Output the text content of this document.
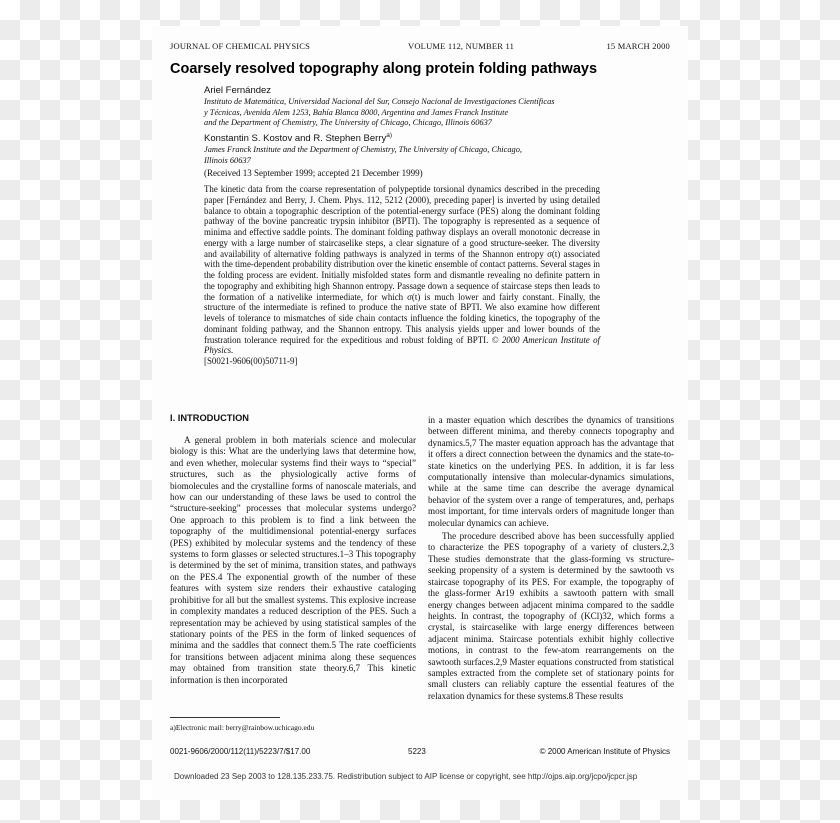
JOURNAL OF CHEMICAL PHYSICS	VOLUME 112, NUMBER 11	15 MARCH 2000
Coarsely resolved topography along protein folding pathways
Ariel Fernández
Instituto de Matemática, Universidad Nacional del Sur, Consejo Nacional de Investigaciones Científicas
y Técnicas, Avenida Alem 1253, Bahía Blanca 8000, Argentina and James Franck Institute
and the Department of Chemistry, The University of Chicago, Chicago, Illinois 60637
Konstantin S. Kostov and R. Stephen Berry$^{a)}$
James Franck Institute and the Department of Chemistry, The University of Chicago, Chicago,
Illinois 60637
(Received 13 September 1999; accepted 21 December 1999)

The kinetic data from the coarse representation of polypeptide torsional dynamics described in the preceding paper [Fernández and Berry, J. Chem. Phys. 112, 5212 (2000), preceding paper] is inverted by using detailed balance to obtain a topographic description of the potential-energy surface (PES) along the dominant folding pathway of the bovine pancreatic trypsin inhibitor (BPTI). The topography is represented as a sequence of minima and effective saddle points. The dominant folding pathway displays an overall monotonic decrease in energy with a large number of staircaselike steps, a clear signature of a good structure-seeker. The diversity and availability of alternative folding pathways is analyzed in terms of the Shannon entropy σ(t) associated with the time-dependent probability distribution over the kinetic ensemble of contact patterns. Several stages in the folding process are evident. Initially misfolded states form and dismantle revealing no definite pattern in the topography and exhibiting high Shannon entropy. Passage down a sequence of staircase steps then leads to the formation of a nativelike intermediate, for which σ(t) is much lower and fairly constant. Finally, the structure of the intermediate is refined to produce the native state of BPTI. We also examine how different levels of tolerance to mismatches of side chain contacts influence the folding kinetics, the topography of the dominant folding pathway, and the Shannon entropy. This analysis yields upper and lower bounds of the frustration tolerance required for the expeditious and robust folding of BPTI. © 2000 American Institute of Physics.

[S0021-9606(00)50711-9]

I. INTRODUCTION

A general problem in both materials science and molecular biology is this: What are the underlying laws that determine how, and even whether, molecular systems find their ways to “special” structures, such as the physiologically active forms of biomolecules and the crystalline forms of nanoscale materials, and how can our understanding of these laws be used to control the “structure-seeking” processes that molecular systems undergo? One approach to this problem is to find a link between the topography of the multidimensional potential-energy surfaces (PES) exhibited by molecular systems and the tendency of these systems to form glasses or selected structures.1–3 This topography is determined by the set of minima, transition states, and pathways on the PES.4 The exponential growth of the number of these features with system size renders their exhaustive cataloging prohibitive for all but the smallest systems. This explosive increase in complexity mandates a reduced description of the PES. Such a representation may be achieved by using statistical samples of the stationary points of the PES in the form of linked sequences of minima and the saddles that connect them.5 The rate coefficients for transitions between adjacent minima along these sequences may obtained from transition state theory.6,7 This kinetic information is then incorporated

in a master equation which describes the dynamics of transitions between different minima, and thereby connects topography and dynamics.5,7 The master equation approach has the advantage that it offers a direct connection between the dynamics and the state-to-state kinetics on the underlying PES. In addition, it is far less computationally intensive than molecular-dynamics simulations, while at the same time can describe the average dynamical behavior of the system over a range of temperatures, and, perhaps most important, for time intervals orders of magnitude longer than molecular dynamics can achieve.

The procedure described above has been successfully applied to characterize the PES topography of a variety of clusters.2,3 These studies demonstrate that the glass-forming vs structure-seeking propensity of a system is determined by the sawtooth vs staircase topography of its PES. For example, the topography of the glass-former Ar19 exhibits a sawtooth pattern with small energy changes between adjacent minima compared to the saddle heights. In contrast, the topography of (KCl)32, which forms a crystal, is staircaselike with large energy differences between adjacent minima. Staircase potentials exhibit highly collective motions, in contrast to the few-atom rearrangements on the sawtooth surfaces.2,9 Master equations constructed from statistical samples extracted from the complete set of stationary points for small clusters can reliably capture the essential features of the relaxation dynamics for these systems.8 These results

a)Electronic mail: berry@rainbow.uchicago.edu
0021-9606/2000/112(11)/5223/7/$17.00	5223	© 2000 American Institute of Physics
Downloaded 23 Sep 2003 to 128.135.233.75. Redistribution subject to AIP license or copyright, see http://ojps.aip.org/jcpo/jcpcr.jsp
